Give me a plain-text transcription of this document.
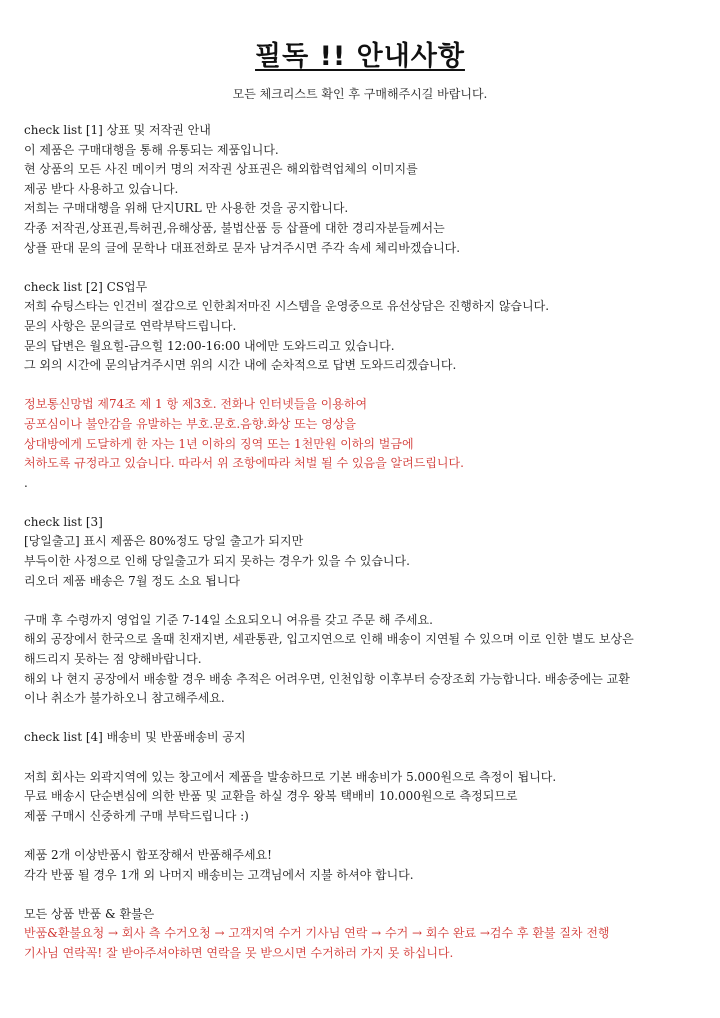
필독 !! 안내사항
모든 체크리스트 확인 후 구매해주시길 바랍니다.
check list [1] 상표 및 저작권 안내
이 제품은 구매대행을 통해 유통되는 제품입니다.
현 상품의 모든 사진 메이커 명의 저작권 상표권은 해외합력업체의 이미지를
제공 받다 사용하고 있습니다.
저희는 구매대행을 위해 단지URL 만 사용한 것을 공지합니다.
각종 저작권,상표권,특허권,유해상품, 불법산품 등 삽플에 대한 경리자분들께서는
상플 판대 문의 글에 문학나 대표전화로 문자 남겨주시면 주각 속세 체리바겠습니다.
check list [2] CS업무
저희 슈팅스타는 인건비 절감으로 인한최저마진 시스템을 운영중으로 유선상담은 진행하지 않습니다.
문의 사항은 문의글로 연락부탁드립니다.
문의 답변은 월요힐-금으힐 12:00-16:00 내에만 도와드리고 있습니다.
그 외의 시간에 문의남겨주시면 위의 시간 내에 순차적으로 답변 도와드리겠습니다.
정보통신망법 제74조 제 1 항 제3호. 전화나 인터넷들을 이용하여
공포심이나 불안감을 유발하는 부호.문호.음향.화상 또는 영상을
상대방에게 도달하게 한 자는 1년 이하의 징역 또는 1천만원 이하의 벌금에
처하도록 규정라고 있습니다. 따라서 위 조항에따라 처벌 될 수 있음을 알려드립니다.
.
check list [3]
[당일출고] 표시 제품은 80%정도 당일 출고가 되지만
부득이한 사정으로 인해 당일출고가 되지 못하는 경우가 있을 수 있습니다.
리오더 제품 배송은 7월 정도 소요 됩니다
구매 후 수령까지 영업일 기준 7-14일 소요되오니 여유를 갖고 주문 해 주세요.
해외 공장에서 한국으로 올때 친재지변, 세관통관, 입고지연으로 인해 배송이 지연될 수 있으며 이로 인한 별도 보상은
해드리지 못하는 점 양해바랍니다.
해외 나 현지 공장에서 배송할 경우 배송 추적은 어려우면, 인천입항 이후부터 승장조회 가능합니다. 배송중에는 교환
이나 취소가 불가하오니 참고해주세요.
check list [4] 배송비 및 반품배송비 공지
저희 회사는 외곽지역에 있는 창고에서 제품을 발송하므로 기본 배송비가 5.000원으로 측정이 됩니다.
무료 배송시 단순변심에 의한 반품 및 교환을 하실 경우 왕복 택배비 10.000원으로 측정되므로
제품 구매시 신중하게 구매 부탁드립니다 :)
제품 2개 이상반품시 합포장해서 반품해주세요!
각각 반품 될 경우 1개 외 나머지 배송비는 고객님에서 지불 하셔야 합니다.
모든 상품 반품 & 환불은
반품&환불요청 → 회사 측 수거오청 → 고객지역 수거 기사님 연락 → 수거 → 회수 완료 →검수 후 환불 질차 전행
기사님 연락꼭! 잘 받아주셔야하면 연락을 못 받으시면 수거하러 가지 못 하십니다.
